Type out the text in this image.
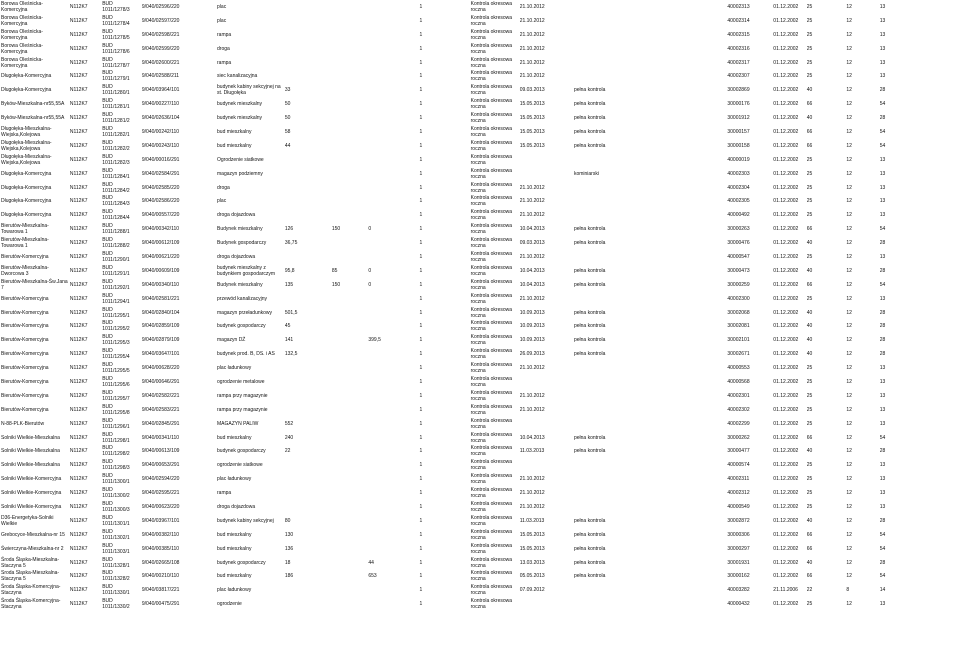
Borowa Oleśnicka-Komercyjna	N112K7	BUD 1011/1278/3	9/040/02596/220	plac				1	Kontrola okresowa roczna	21.10.2012		40002313	01.12.2002	25	12	13
Borowa Oleśnicka-Komercyjna	N112K7	BUD 1011/1278/4	9/040/02597/220	plac				1	Kontrola okresowa roczna	21.10.2012		40002314	01.12.2002	25	12	13
Borowa Oleśnicka-Komercyjna	N112K7	BUD 1011/1278/5	9/040/02598/221	rampa				1	Kontrola okresowa roczna	21.10.2012		40002315	01.12.2002	25	12	13
Borowa Oleśnicka-Komercyjna	N112K7	BUD 1011/1278/6	9/040/02599/220	droga				1	Kontrola okresowa roczna	21.10.2012		40002316	01.12.2002	25	12	13
Borowa Oleśnicka-Komercyjna	N112K7	BUD 1011/1278/7	9/040/02600/221	rampa				1	Kontrola okresowa roczna	21.10.2012		40002317	01.12.2002	25	12	13
Długołęka-Komercyjna	N112K7	BUD 1011/1279/1	9/040/02588/211	siec kanalizacyjna				1	Kontrola okresowa roczna	21.10.2012		40002307	01.12.2002	25	12	13
Długołęka-Komercyjna	N112K7	BUD 1011/1280/1	9/040/03964/101	budynek kabiny sekcyjnej na st. Długołęka	33			1	Kontrola okresowa roczna	09.03.2013	pełna kontrola	30002869	01.12.2002	40	12	28
Byków-Mieszkalna-nr55,55A	N112K7	BUD 1011/1281/1	9/040/00227/110	budynek mieszkalny	50			1	Kontrola okresowa roczna	15.05.2013	pełna kontrola	30000176	01.12.2002	66	12	54
Byków-Mieszkalna-nr55,55A	N112K7	BUD 1011/1281/2	9/040/02636/104	budynek mieszkalny	50			1	Kontrola okresowa roczna	15.05.2013	pełna kontrola	30001912	01.12.2002	40	12	28
Długołęka-Mieszkalna-Wiejska,Kolejowa	N112K7	BUD 1011/1282/1	9/040/00242/110	bud mieszkalny	58			1	Kontrola okresowa roczna	15.05.2013	pełna kontrola	30000157	01.12.2002	66	12	54
Długołęka-Mieszkalna-Wiejska,Kolejowa	N112K7	BUD 1011/1282/2	9/040/00243/110	bud mieszkalny	44			1	Kontrola okresowa roczna	15.05.2013	pełna kontrola	30000158	01.12.2002	66	12	54
Długołęka-Mieszkalna-Wiejska,Kolejowa	N112K7	BUD 1011/1282/3	9/040/00016/291	Ogrodzenie siatkowe				1	Kontrola okresowa roczna			40000019	01.12.2002	25	12	13
Długołęka-Komercyjna	N112K7	BUD 1011/1284/1	9/040/02584/291	magazyn podziemny				1	Kontrola okresowa roczna		kominiarski	40002303	01.12.2002	25	12	13
Długołęka-Komercyjna	N112K7	BUD 1011/1284/2	9/040/02585/220	droga				1	Kontrola okresowa roczna	21.10.2012		40002304	01.12.2002	25	12	13
Długołęka-Komercyjna	N112K7	BUD 1011/1284/3	9/040/02586/220	plac				1	Kontrola okresowa roczna	21.10.2012		40002305	01.12.2002	25	12	13
Długołęka-Komercyjna	N112K7	BUD 1011/1284/4	9/040/00557/220	droga dojazdowa				1	Kontrola okresowa roczna	21.10.2012		40000492	01.12.2002	25	12	13
Bierutów-Mieszkalna-Towarowa 1	N112K7	BUD 1011/1288/1	9/040/00342/110	Budynek mieszkalny	126	150	0	1	Kontrola okresowa roczna	10.04.2013	pełna kontrola	30000263	01.12.2002	66	12	54
Bierutów-Mieszkalna-Towarowa 1	N112K7	BUD 1011/1288/2	9/040/00612/109	Budynek gospodarczy	36,75			1	Kontrola okresowa roczna	09.03.2013	pełna kontrola	30000476	01.12.2002	40	12	28
Bierutów-Komercyjna	N112K7	BUD 1011/1290/1	9/040/00621/220	droga dojazdowa				1	Kontrola okresowa roczna	21.10.2012		40000547	01.12.2002	25	12	13
Bierutów-Mieszkalna-Dworcowa 3	N112K7	BUD 1011/1291/1	9/040/00609/109	budynek mieszkalny z budynkiem gospodarczym	95,8	85	0	1	Kontrola okresowa roczna	10.04.2013	pełna kontrola	30000473	01.12.2002	40	12	28
Bierutów-Mieszkalna-Św.Jana 7	N112K7	BUD 1011/1292/1	9/040/00340/110	Budynek mieszkalny	135	150	0	1	Kontrola okresowa roczna	10.04.2013	pełna kontrola	30000259	01.12.2002	66	12	54
Bierutów-Komercyjna	N112K7	BUD 1011/1294/1	9/040/02581/221	przewód kanalizacyjny				1	Kontrola okresowa roczna	21.10.2012		40002300	01.12.2002	25	12	13
Bierutów-Komercyjna	N112K7	BUD 1011/1295/1	9/040/02840/104	magazyn przeładunkowy	501,5			1	Kontrola okresowa roczna	10.09.2013	pełna kontrola	30002068	01.12.2002	40	12	28
Bierutów-Komercyjna	N112K7	BUD 1011/1295/2	9/040/02859/109	budynek gospodarczy	45			1	Kontrola okresowa roczna	10.09.2013	pełna kontrola	30002081	01.12.2002	40	12	28
Bierutów-Komercyjna	N112K7	BUD 1011/1295/3	9/040/02879/109	magazyn DŹ	141		399,5	1	Kontrola okresowa roczna	10.09.2013	pełna kontrola	30002101	01.12.2002	40	12	28
Bierutów-Komercyjna	N112K7	BUD 1011/1295/4	9/040/03647/101	budynek prod. B, DS. i AS	132,5			1	Kontrola okresowa roczna	26.09.2013	pełna kontrola	30002671	01.12.2002	40	12	28
Bierutów-Komercyjna	N112K7	BUD 1011/1295/5	9/040/00628/220	plac ładunkowy				1	Kontrola okresowa roczna	21.10.2012		40000553	01.12.2002	25	12	13
Bierutów-Komercyjna	N112K7	BUD 1011/1295/6	9/040/00646/291	ogrodzenie metalowe				1	Kontrola okresowa roczna			40000568	01.12.2002	25	12	13
Bierutów-Komercyjna	N112K7	BUD 1011/1295/7	9/040/02582/221	rampa przy magazynie				1	Kontrola okresowa roczna	21.10.2012		40002301	01.12.2002	25	12	13
Bierutów-Komercyjna	N112K7	BUD 1011/1295/8	9/040/02583/221	rampa przy magazynie				1	Kontrola okresowa roczna	21.10.2012		40002302	01.12.2002	25	12	13
N-88-PLK-Bierutów	N112K7	BUD 1011/1296/1	9/040/02845/291	MAGAZYN PALIW	552			1	Kontrola okresowa roczna			40002299	01.12.2002	25	12	13
Solniki Wielkie-Mieszkalna	N112K7	BUD 1011/1298/1	9/040/00341/110	bud mieszkalny	240			1	Kontrola okresowa roczna	10.04.2013	pełna kontrola	30000262	01.12.2002	66	12	54
Solniki Wielkie-Mieszkalna	N112K7	BUD 1011/1298/2	9/040/00613/109	budynek gospodarczy	22			1	Kontrola okresowa roczna	11.03.2013	pełna kontrola	30000477	01.12.2002	40	12	28
Solniki Wielkie-Mieszkalna	N112K7	BUD 1011/1298/3	9/040/00653/291	ogrodzenie siatkowe				1	Kontrola okresowa roczna			40000574	01.12.2002	25	12	13
Solniki Wielkie-Komercyjna	N112K7	BUD 1011/1300/1	9/040/02594/220	plac ładunkowy				1	Kontrola okresowa roczna	21.10.2012		40002311	01.12.2002	25	12	13
Solniki Wielkie-Komercyjna	N112K7	BUD 1011/1300/2	9/040/02595/221	rampa				1	Kontrola okresowa roczna	21.10.2012		40002312	01.12.2002	25	12	13
Solniki Wielkie-Komercyjna	N112K7	BUD 1011/1300/3	9/040/00623/220	droga dojazdowa				1	Kontrola okresowa roczna	21.10.2012		40000549	01.12.2002	25	12	13
D36-Energetyka-Solniki Wielkie	N112K7	BUD 1011/1301/1	9/040/03967/101	budynek kabiny sekcyjnej	80			1	Kontrola okresowa roczna	11.03.2013	pełna kontrola	30002872	01.12.2002	40	12	28
Grebocyce-Mieszkalna-nr 15	N112K7	BUD 1011/1302/1	9/040/00382/110	bud mieszkalny	130			1	Kontrola okresowa roczna	15.05.2013	pełna kontrola	30000306	01.12.2002	66	12	54
Świerczyna-Mieszkalna-nr 2	N112K7	BUD 1011/1303/1	9/040/00385/110	bud mieszkalny	136			1	Kontrola okresowa roczna	15.05.2013	pełna kontrola	30000297	01.12.2002	66	12	54
Środa Śląska-Mieszkalna-Staczyna 5	N112K7	BUD 1011/1328/1	9/040/02665/108	budynek gospodarczy	18		44	1	Kontrola okresowa roczna	13.03.2013	pełna kontrola	30001931	01.12.2002	40	12	28
Środa Śląska-Mieszkalna-Staczyna 5	N112K7	BUD 1011/1328/2	9/040/00210/110	bud mieszkalny	186		653	1	Kontrola okresowa roczna	05.05.2013	pełna kontrola	30000162	01.12.2002	66	12	54
Środa Śląska-Komercyjna-Staczyna	N112K7	BUD 1011/1330/1	9/040/03817/221	plac ładunkowy				1	Kontrola okresowa roczna	07.09.2012		40003282	21.11.2006	22	8	14
Środa Śląska-Komercyjna-Staczyna	N112K7	BUD 1011/1330/2	9/040/00475/291	ogrodzenie				1	Kontrola okresowa roczna			40000432	01.12.2002	25	12	13
